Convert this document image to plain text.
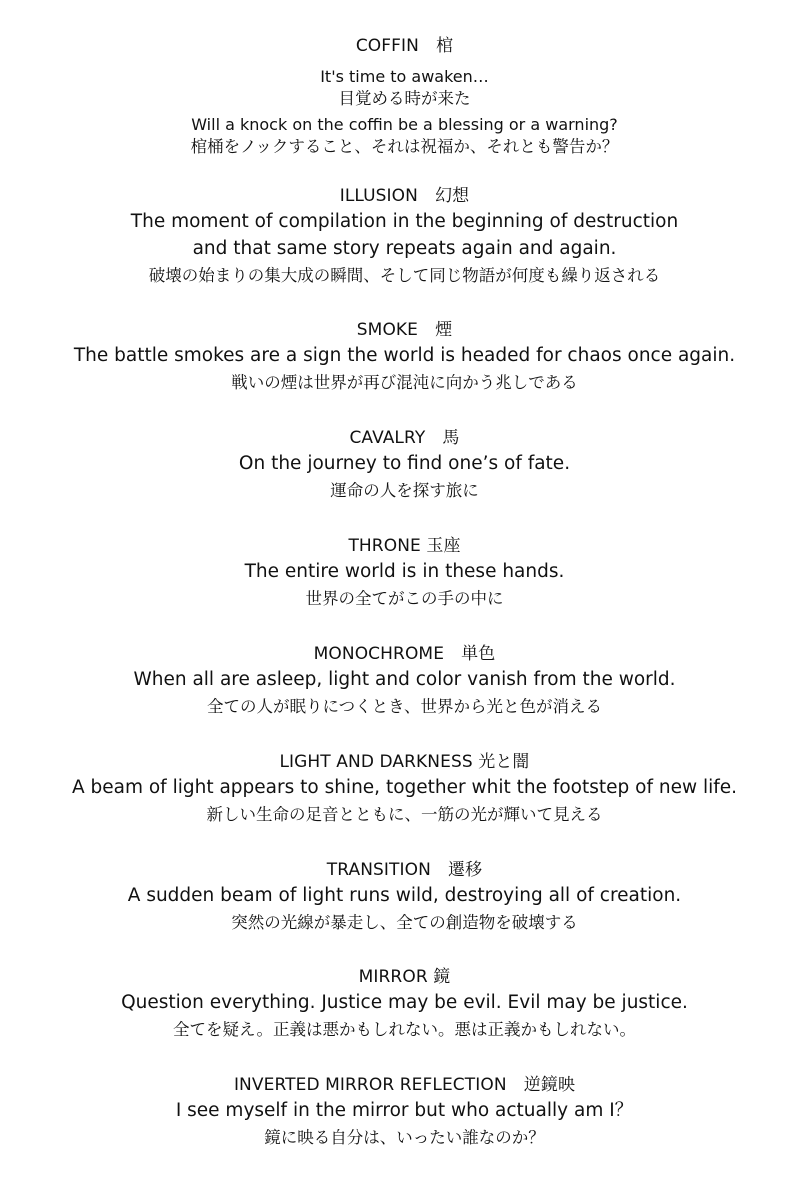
COFFIN　棺
It's time to awaken…
目覚める時が来た
Will a knock on the coffin be a blessing or a warning?
棺桶をノックすること、それは祝福か、それとも警告か？
ILLUSION　幻想
The moment of compilation in the beginning of destruction
and that same story repeats again and again.
破壊の始まりの集大成の瞬間、そして同じ物語が何度も繰り返される
SMOKE　煙
The battle smokes are a sign the world is headed for chaos once again.
戦いの煙は世界が再び混沌に向かう兆しである
CAVALRY　馬
On the journey to find one’s of fate.
運命の人を探す旅に
THRONE 玉座
The entire world is in these hands.
世界の全てがこの手の中に
MONOCHROME　単色
When all are asleep, light and color vanish from the world.
全ての人が眠りにつくとき、世界から光と色が消える
LIGHT AND DARKNESS 光と闇
A beam of light appears to shine, together whit the footstep of new life.
新しい生命の足音とともに、一筋の光が輝いて見える
TRANSITION　遷移
A sudden beam of light runs wild, destroying all of creation.
突然の光線が暴走し、全ての創造物を破壊する
MIRROR 鏡
Question everything. Justice may be evil. Evil may be justice.
全てを疑え。正義は悪かもしれない。悪は正義かもしれない。
INVERTED MIRROR REFLECTION　逆鏡映
I see myself in the mirror but who actually am I？
鏡に映る自分は、いったい誰なのか？
